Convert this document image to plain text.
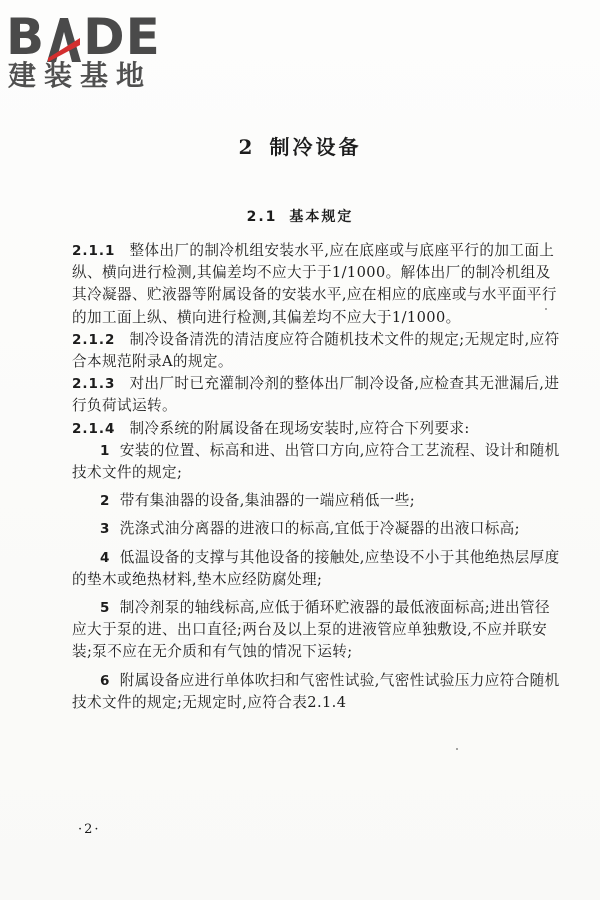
B DE
建装基地
2 制冷设备
2.1 基本规定

2.1.1 整体出厂的制冷机组安装水平,应在底座或与底座平行的加工面上纵、横向进行检测,其偏差均不应大于于1/1000。解体出厂的制冷机组及其冷凝器、贮液器等附属设备的安装水平,应在相应的底座或与水平面平行的加工面上纵、横向进行检测,其偏差均不应大于1/1000。

2.1.2 制冷设备清洗的清洁度应符合随机技术文件的规定;无规定时,应符合本规范附录A的规定。

2.1.3 对出厂时已充灌制冷剂的整体出厂制冷设备,应检查其无泄漏后,进行负荷试运转。

2.1.4 制冷系统的附属设备在现场安装时,应符合下列要求:

1 安装的位置、标高和进、出管口方向,应符合工艺流程、设计和随机技术文件的规定;

2 带有集油器的设备,集油器的一端应稍低一些;

3 洗涤式油分离器的进液口的标高,宜低于冷凝器的出液口标高;

4 低温设备的支撑与其他设备的接触处,应垫设不小于其他绝热层厚度的垫木或绝热材料,垫木应经防腐处理;

5 制冷剂泵的轴线标高,应低于循环贮液器的最低液面标高;进出管径应大于泵的进、出口直径;两台及以上泵的进液管应单独敷设,不应并联安装;泵不应在无介质和有气蚀的情况下运转;

6 附属设备应进行单体吹扫和气密性试验,气密性试验压力应符合随机技术文件的规定;无规定时,应符合表2.1.4

·2·
